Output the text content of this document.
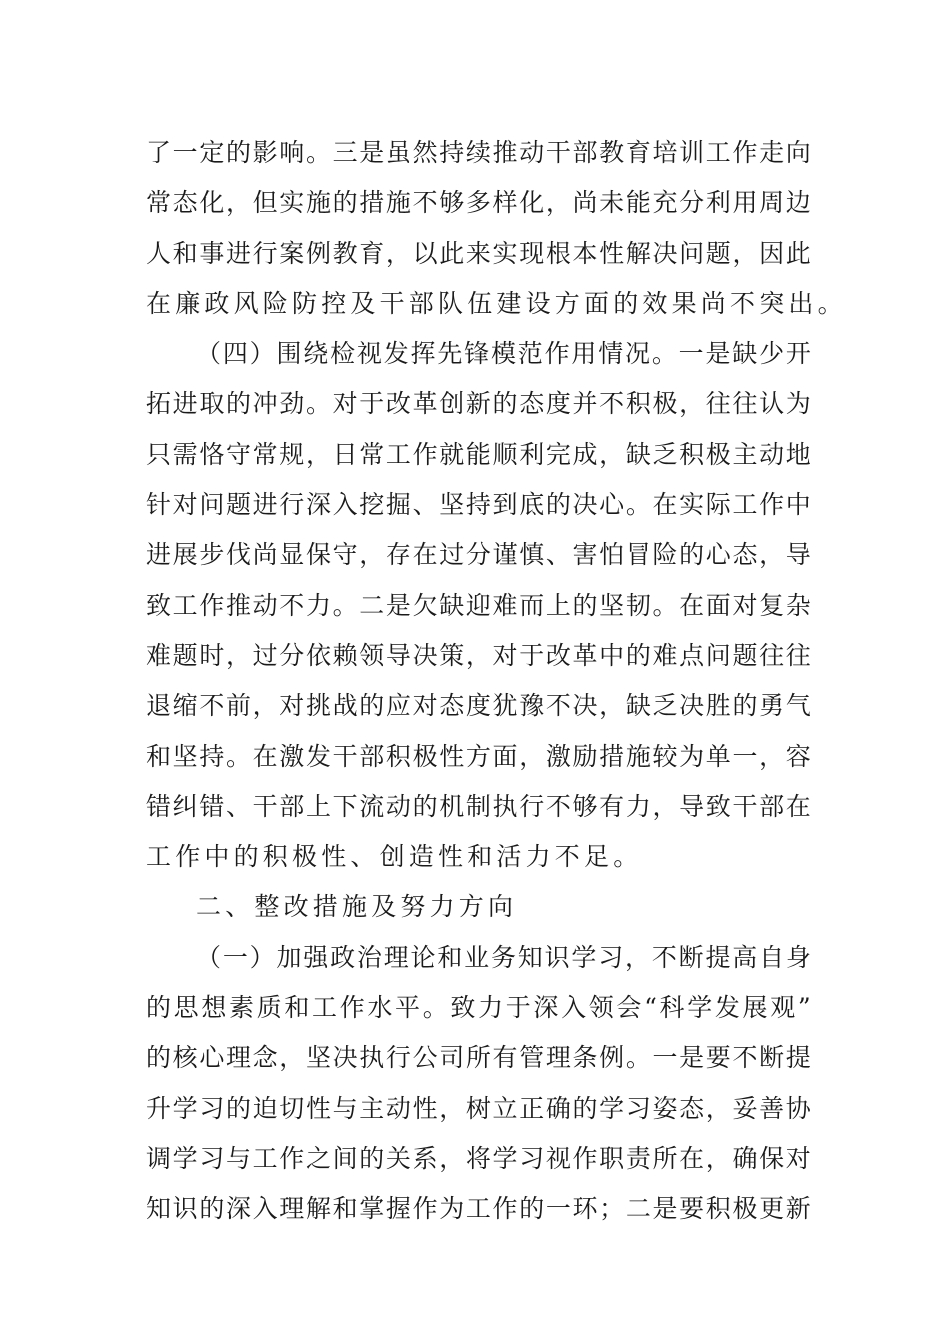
了 一 定 的 影 响 。 三 是 虽 然 持 续 推 动 干 部 教 育 培 训 工 作 走 向
常 态 化 ， 但 实 施 的 措 施 不 够 多 样 化 ， 尚 未 能 充 分 利 用 周 边
人 和 事 进 行 案 例 教 育 ， 以 此 来 实 现 根 本 性 解 决 问 题 ， 因 此
在廉政风险防控及干部队伍建设方面的效果尚不突出。
（ 四 ） 围 绕 检 视 发 挥 先 锋 模 范 作 用 情 况 。 一 是 缺 少 开
拓 进 取 的 冲 劲 。 对 于 改 革 创 新 的 态 度 并 不 积 极 ， 往 往 认 为
只 需 恪 守 常 规 ， 日 常 工 作 就 能 顺 利 完 成 ， 缺 乏 积 极 主 动 地
针 对 问 题 进 行 深 入 挖 掘 、 坚 持 到 底 的 决 心 。 在 实 际 工 作 中
进 展 步 伐 尚 显 保 守 ， 存 在 过 分 谨 慎 、 害 怕 冒 险 的 心 态 ， 导
致 工 作 推 动 不 力 。 二 是 欠 缺 迎 难 而 上 的 坚 韧 。 在 面 对 复 杂
难 题 时 ， 过 分 依 赖 领 导 决 策 ， 对 于 改 革 中 的 难 点 问 题 往 往
退 缩 不 前 ， 对 挑 战 的 应 对 态 度 犹 豫 不 决 ， 缺 乏 决 胜 的 勇 气
和 坚 持 。 在 激 发 干 部 积 极 性 方 面 ， 激 励 措 施 较 为 单 一 ， 容
错 纠 错 、 干 部 上 下 流 动 的 机 制 执 行 不 够 有 力 ， 导 致 干 部 在
工作中的积极性、创造性和活力不足。
二、整改措施及努力方向
（ 一 ） 加 强 政 治 理 论 和 业 务 知 识 学 习 ， 不 断 提 高 自 身
的 思 想 素 质 和 工 作 水 平 。 致 力 于 深 入 领 会 “ 科 学 发 展 观 ”
的 核 心 理 念 ， 坚 决 执 行 公 司 所 有 管 理 条 例 。 一 是 要 不 断 提
升 学 习 的 迫 切 性 与 主 动 性 ， 树 立 正 确 的 学 习 姿 态 ， 妥 善 协
调 学 习 与 工 作 之 间 的 关 系 ， 将 学 习 视 作 职 责 所 在 ， 确 保 对
知 识 的 深 入 理 解 和 掌 握 作 为 工 作 的 一 环 ； 二 是 要 积 极 更 新
